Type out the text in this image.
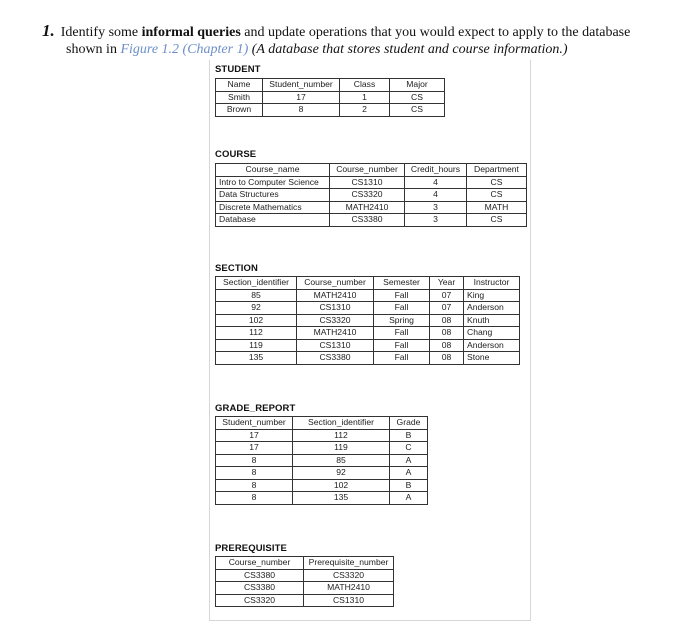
1. Identify some informal queries and update operations that you would expect to apply to the database
shown in Figure 1.2 (Chapter 1) (A database that stores student and course information.)
STUDENT
Name	Student_number	Class	Major
Smith	17	1	CS
Brown	8	2	CS
COURSE
Course_name	Course_number	Credit_hours	Department
Intro to Computer Science	CS1310	4	CS
Data Structures	CS3320	4	CS
Discrete Mathematics	MATH2410	3	MATH
Database	CS3380	3	CS
SECTION
Section_identifier	Course_number	Semester	Year	Instructor
85	MATH2410	Fall	07	King
92	CS1310	Fall	07	Anderson
102	CS3320	Spring	08	Knuth
112	MATH2410	Fall	08	Chang
119	CS1310	Fall	08	Anderson
135	CS3380	Fall	08	Stone
GRADE_REPORT
Student_number	Section_identifier	Grade
17	112	B
17	119	C
8	85	A
8	92	A
8	102	B
8	135	A
PREREQUISITE
Course_number	Prerequisite_number
CS3380	CS3320
CS3380	MATH2410
CS3320	CS1310
